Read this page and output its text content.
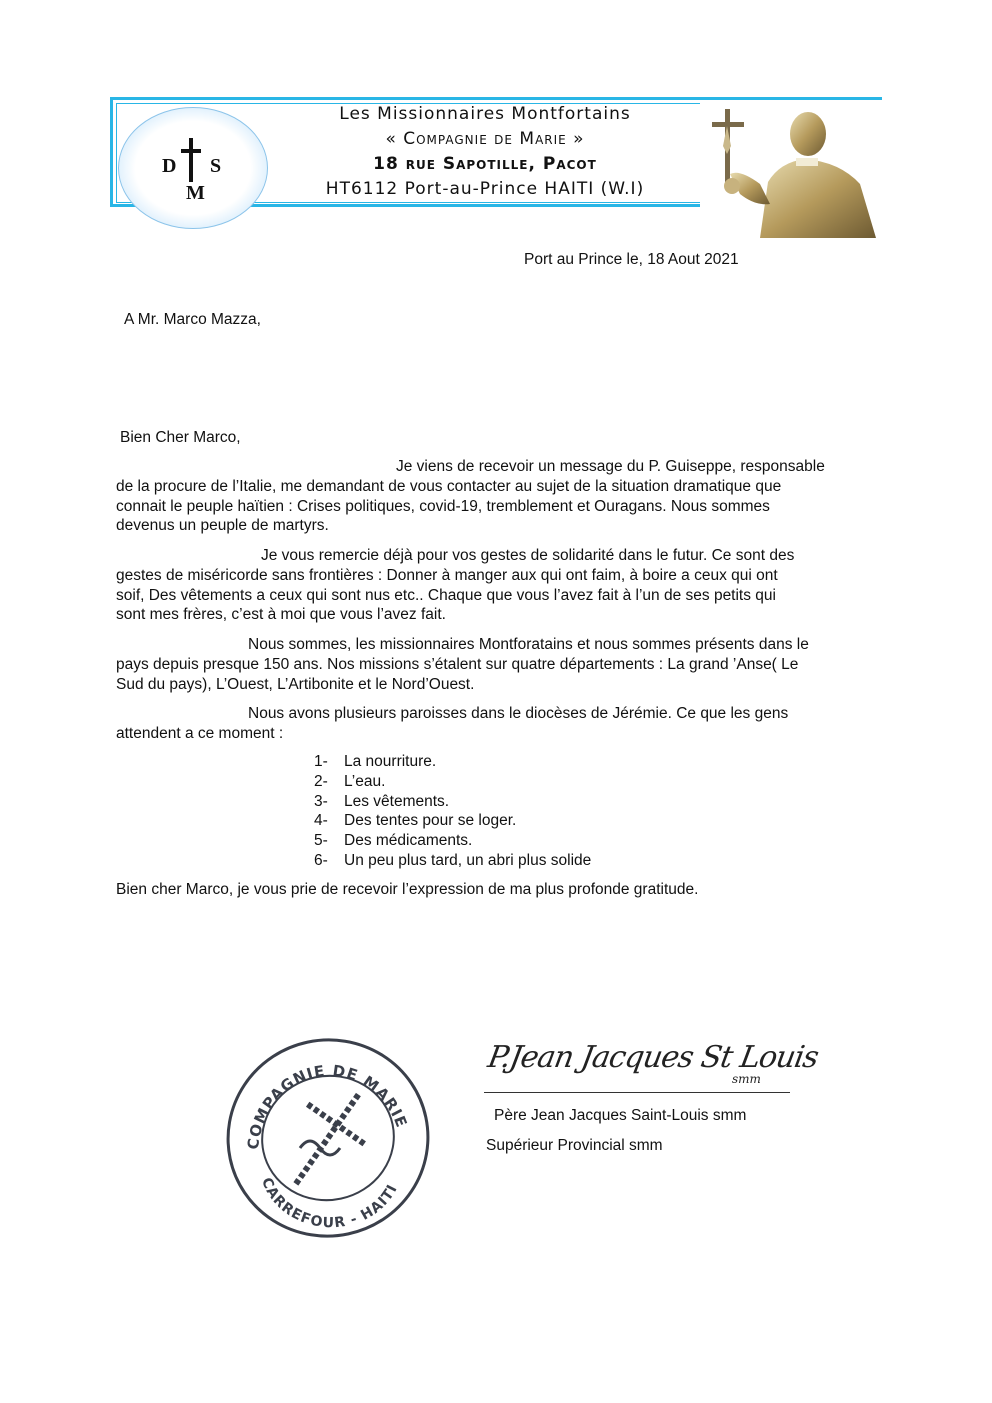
D S
M
Les Missionnaires Montfortains
« Compagnie de Marie »
18 rue Sapotille, Pacot
HT6112 Port-au-Prince HAITI (W.I)
Port au Prince le, 18 Aout 2021
A Mr. Marco Mazza,
Bien Cher Marco,
Je viens de recevoir un message du P. Guiseppe, responsable
de la procure de l’Italie, me demandant de vous contacter au sujet de la situation dramatique que
connait le peuple haïtien : Crises politiques, covid-19, tremblement et Ouragans. Nous sommes
devenus un peuple de martyrs.
Je vous remercie déjà pour vos gestes de solidarité dans le futur. Ce sont des
gestes de miséricorde sans frontières : Donner à manger aux qui ont faim, à boire a ceux qui ont
soif, Des vêtements a ceux qui sont nus etc.. Chaque que vous l’avez fait à l’un de ses petits qui
sont mes frères, c’est à moi que vous l’avez fait.
Nous sommes, les missionnaires Montforatains et nous sommes présents dans le
pays depuis presque 150 ans. Nos missions s’étalent sur quatre départements : La grand ’Anse( Le
Sud du pays), L’Ouest, L’Artibonite et le Nord’Ouest.
Nous avons plusieurs paroisses dans le diocèses de Jérémie. Ce que les gens
attendent a ce moment :
1- La nourriture.
2- L’eau.
3- Les vêtements.
4- Des tentes pour se loger.
5- Des médicaments.
6- Un peu plus tard, un abri plus solide
Bien cher Marco, je vous prie de recevoir l’expression de ma plus profonde gratitude.
COMPAGNIE DE MARIE
CARREFOUR - HAITI
P.Jean Jacques St Louis
smm
Père Jean Jacques Saint-Louis smm
Supérieur Provincial smm
